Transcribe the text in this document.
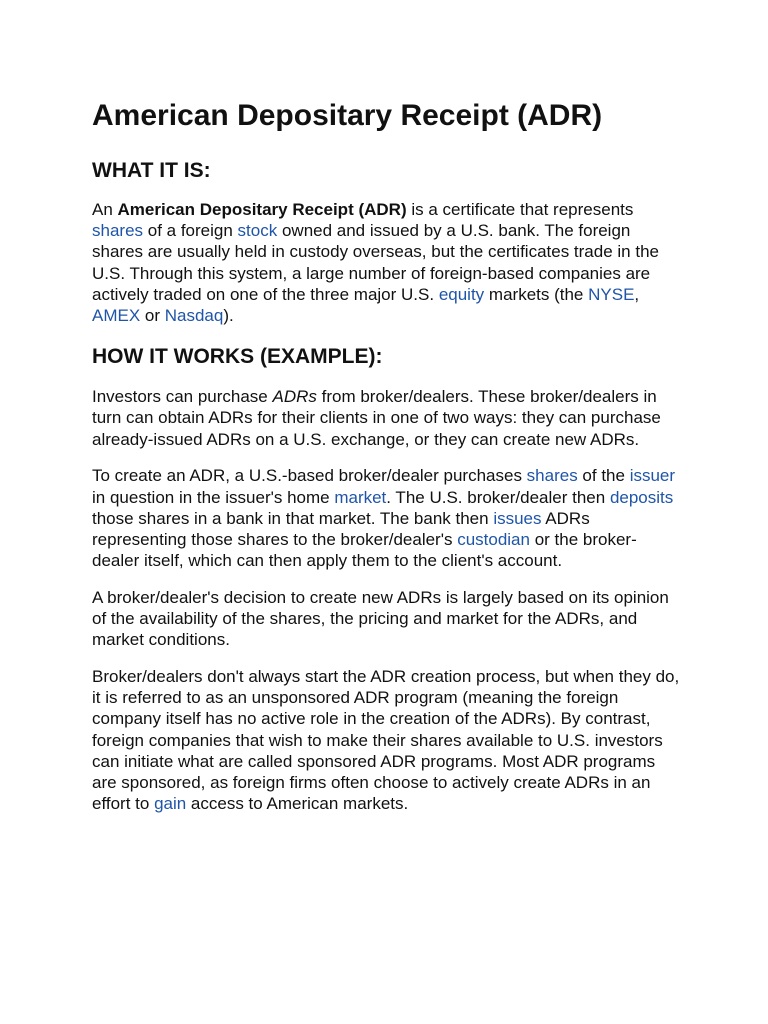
American Depositary Receipt (ADR)
WHAT IT IS:

An American Depositary Receipt (ADR) is a certificate that represents shares of a foreign stock owned and issued by a U.S. bank. The foreign shares are usually held in custody overseas, but the certificates trade in the U.S. Through this system, a large number of foreign-based companies are actively traded on one of the three major U.S. equity markets (the NYSE, AMEX or Nasdaq).

HOW IT WORKS (EXAMPLE):

Investors can purchase ADRs from broker/dealers. These broker/dealers in turn can obtain ADRs for their clients in one of two ways: they can purchase already-issued ADRs on a U.S. exchange, or they can create new ADRs.

To create an ADR, a U.S.-based broker/dealer purchases shares of the issuer in question in the issuer's home market. The U.S. broker/dealer then deposits those shares in a bank in that market. The bank then issues ADRs representing those shares to the broker/dealer's custodian or the broker-dealer itself, which can then apply them to the client's account.

A broker/dealer's decision to create new ADRs is largely based on its opinion of the availability of the shares, the pricing and market for the ADRs, and market conditions.

Broker/dealers don't always start the ADR creation process, but when they do, it is referred to as an unsponsored ADR program (meaning the foreign company itself has no active role in the creation of the ADRs). By contrast, foreign companies that wish to make their shares available to U.S. investors can initiate what are called sponsored ADR programs. Most ADR programs are sponsored, as foreign firms often choose to actively create ADRs in an effort to gain access to American markets.
